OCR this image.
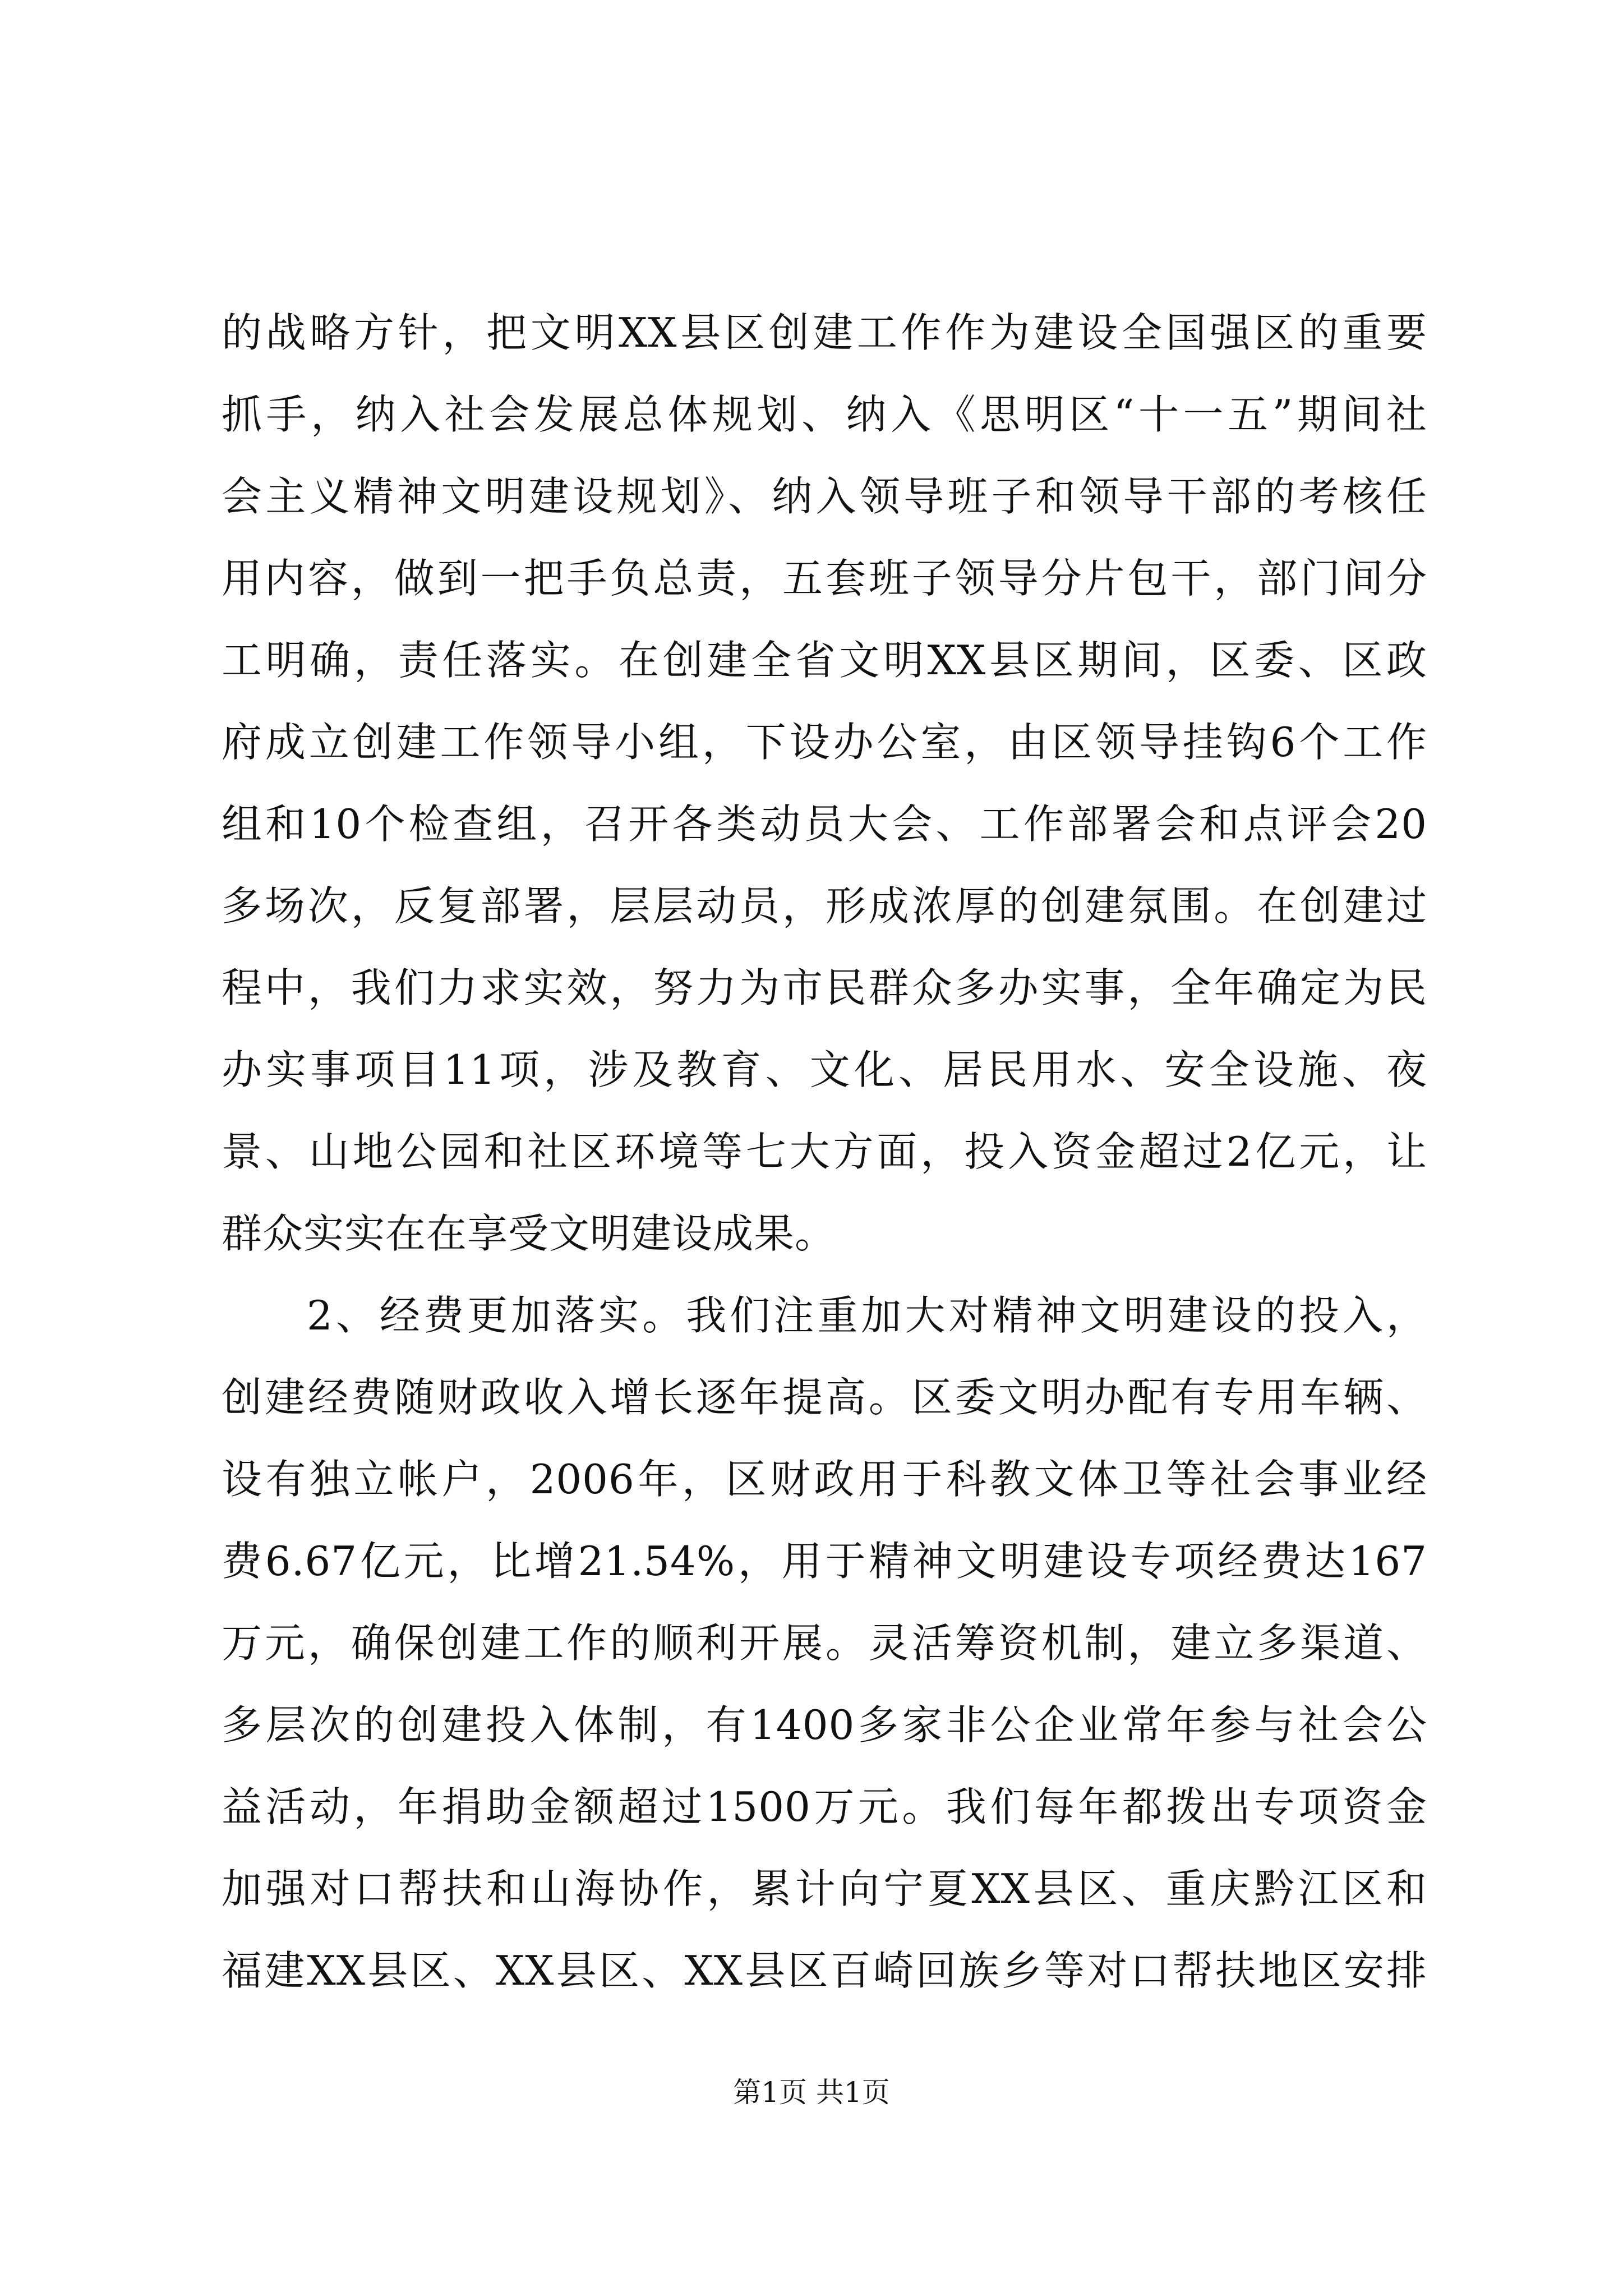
的战略方针，把文明XX县区创建工作作为建设全国强区的重要
抓手，纳入社会发展总体规划、纳入《思明区“十一五”期间社
会主义精神文明建设规划》、纳入领导班子和领导干部的考核任
用内容，做到一把手负总责，五套班子领导分片包干，部门间分
工明确，责任落实。在创建全省文明XX县区期间，区委、区政
府成立创建工作领导小组，下设办公室，由区领导挂钩6个工作
组和10个检查组，召开各类动员大会、工作部署会和点评会20
多场次，反复部署，层层动员，形成浓厚的创建氛围。在创建过
程中，我们力求实效，努力为市民群众多办实事，全年确定为民
办实事项目11项，涉及教育、文化、居民用水、安全设施、夜
景、山地公园和社区环境等七大方面，投入资金超过2亿元，让
群众实实在在享受文明建设成果。
2、经费更加落实。我们注重加大对精神文明建设的投入，
创建经费随财政收入增长逐年提高。区委文明办配有专用车辆、
设有独立帐户，2006年，区财政用于科教文体卫等社会事业经
费6.67亿元，比增21.54%，用于精神文明建设专项经费达167
万元，确保创建工作的顺利开展。灵活筹资机制，建立多渠道、
多层次的创建投入体制，有1400多家非公企业常年参与社会公
益活动，年捐助金额超过1500万元。我们每年都拨出专项资金
加强对口帮扶和山海协作，累计向宁夏XX县区、重庆黔江区和
福建XX县区、XX县区、XX县区百崎回族乡等对口帮扶地区安排
第1页 共1页
